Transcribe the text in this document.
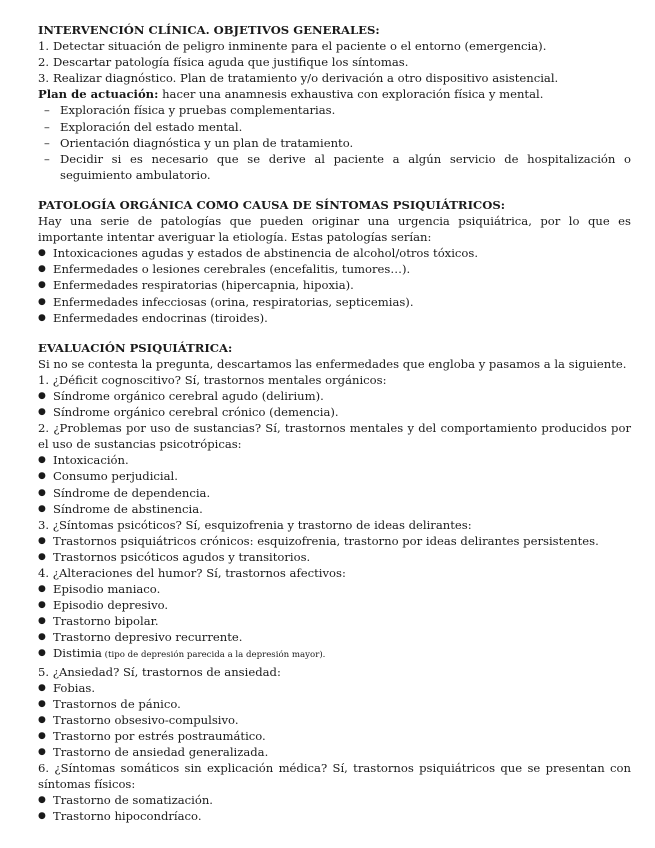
INTERVENCIÓN CLÍNICA. OBJETIVOS GENERALES:
1. Detectar situación de peligro inminente para el paciente o el entorno (emergencia).
2. Descartar patología física aguda que justifique los síntomas.
3. Realizar diagnóstico. Plan de tratamiento y/o derivación a otro dispositivo asistencial.
Plan de actuación: hacer una anamnesis exhaustiva con exploración física y mental.
– Exploración física y pruebas complementarias.
– Exploración del estado mental.
– Orientación diagnóstica y un plan de tratamiento.
– Decidir si es necesario que se derive al paciente a algún servicio de hospitalización o seguimiento ambulatorio.
PATOLOGÍA ORGÁNICA COMO CAUSA DE SÍNTOMAS PSIQUIÁTRICOS:
Hay una serie de patologías que pueden originar una urgencia psiquiátrica, por lo que es importante intentar averiguar la etiología. Estas patologías serían:
● Intoxicaciones agudas y estados de abstinencia de alcohol/otros tóxicos.
● Enfermedades o lesiones cerebrales (encefalitis, tumores…).
● Enfermedades respiratorias (hipercapnia, hipoxia).
● Enfermedades infecciosas (orina, respiratorias, septicemias).
● Enfermedades endocrinas (tiroides).
EVALUACIÓN PSIQUIÁTRICA:
Si no se contesta la pregunta, descartamos las enfermedades que engloba y pasamos a la siguiente.
1. ¿Déficit cognoscitivo? Sí, trastornos mentales orgánicos:
● Síndrome orgánico cerebral agudo (delirium).
● Síndrome orgánico cerebral crónico (demencia).
2. ¿Problemas por uso de sustancias? Sí, trastornos mentales y del comportamiento producidos por el uso de sustancias psicotrópicas:
● Intoxicación.
● Consumo perjudicial.
● Síndrome de dependencia.
● Síndrome de abstinencia.
3. ¿Síntomas psicóticos? Sí, esquizofrenia y trastorno de ideas delirantes:
● Trastornos psiquiátricos crónicos: esquizofrenia, trastorno por ideas delirantes persistentes.
● Trastornos psicóticos agudos y transitorios.
4. ¿Alteraciones del humor? Sí, trastornos afectivos:
● Episodio maniaco.
● Episodio depresivo.
● Trastorno bipolar.
● Trastorno depresivo recurrente.
● Distimia (tipo de depresión parecida a la depresión mayor).
5. ¿Ansiedad? Sí, trastornos de ansiedad:
● Fobias.
● Trastornos de pánico.
● Trastorno obsesivo-compulsivo.
● Trastorno por estrés postraumático.
● Trastorno de ansiedad generalizada.
6. ¿Síntomas somáticos sin explicación médica? Sí, trastornos psiquiátricos que se presentan con síntomas físicos:
● Trastorno de somatización.
● Trastorno hipocondríaco.
